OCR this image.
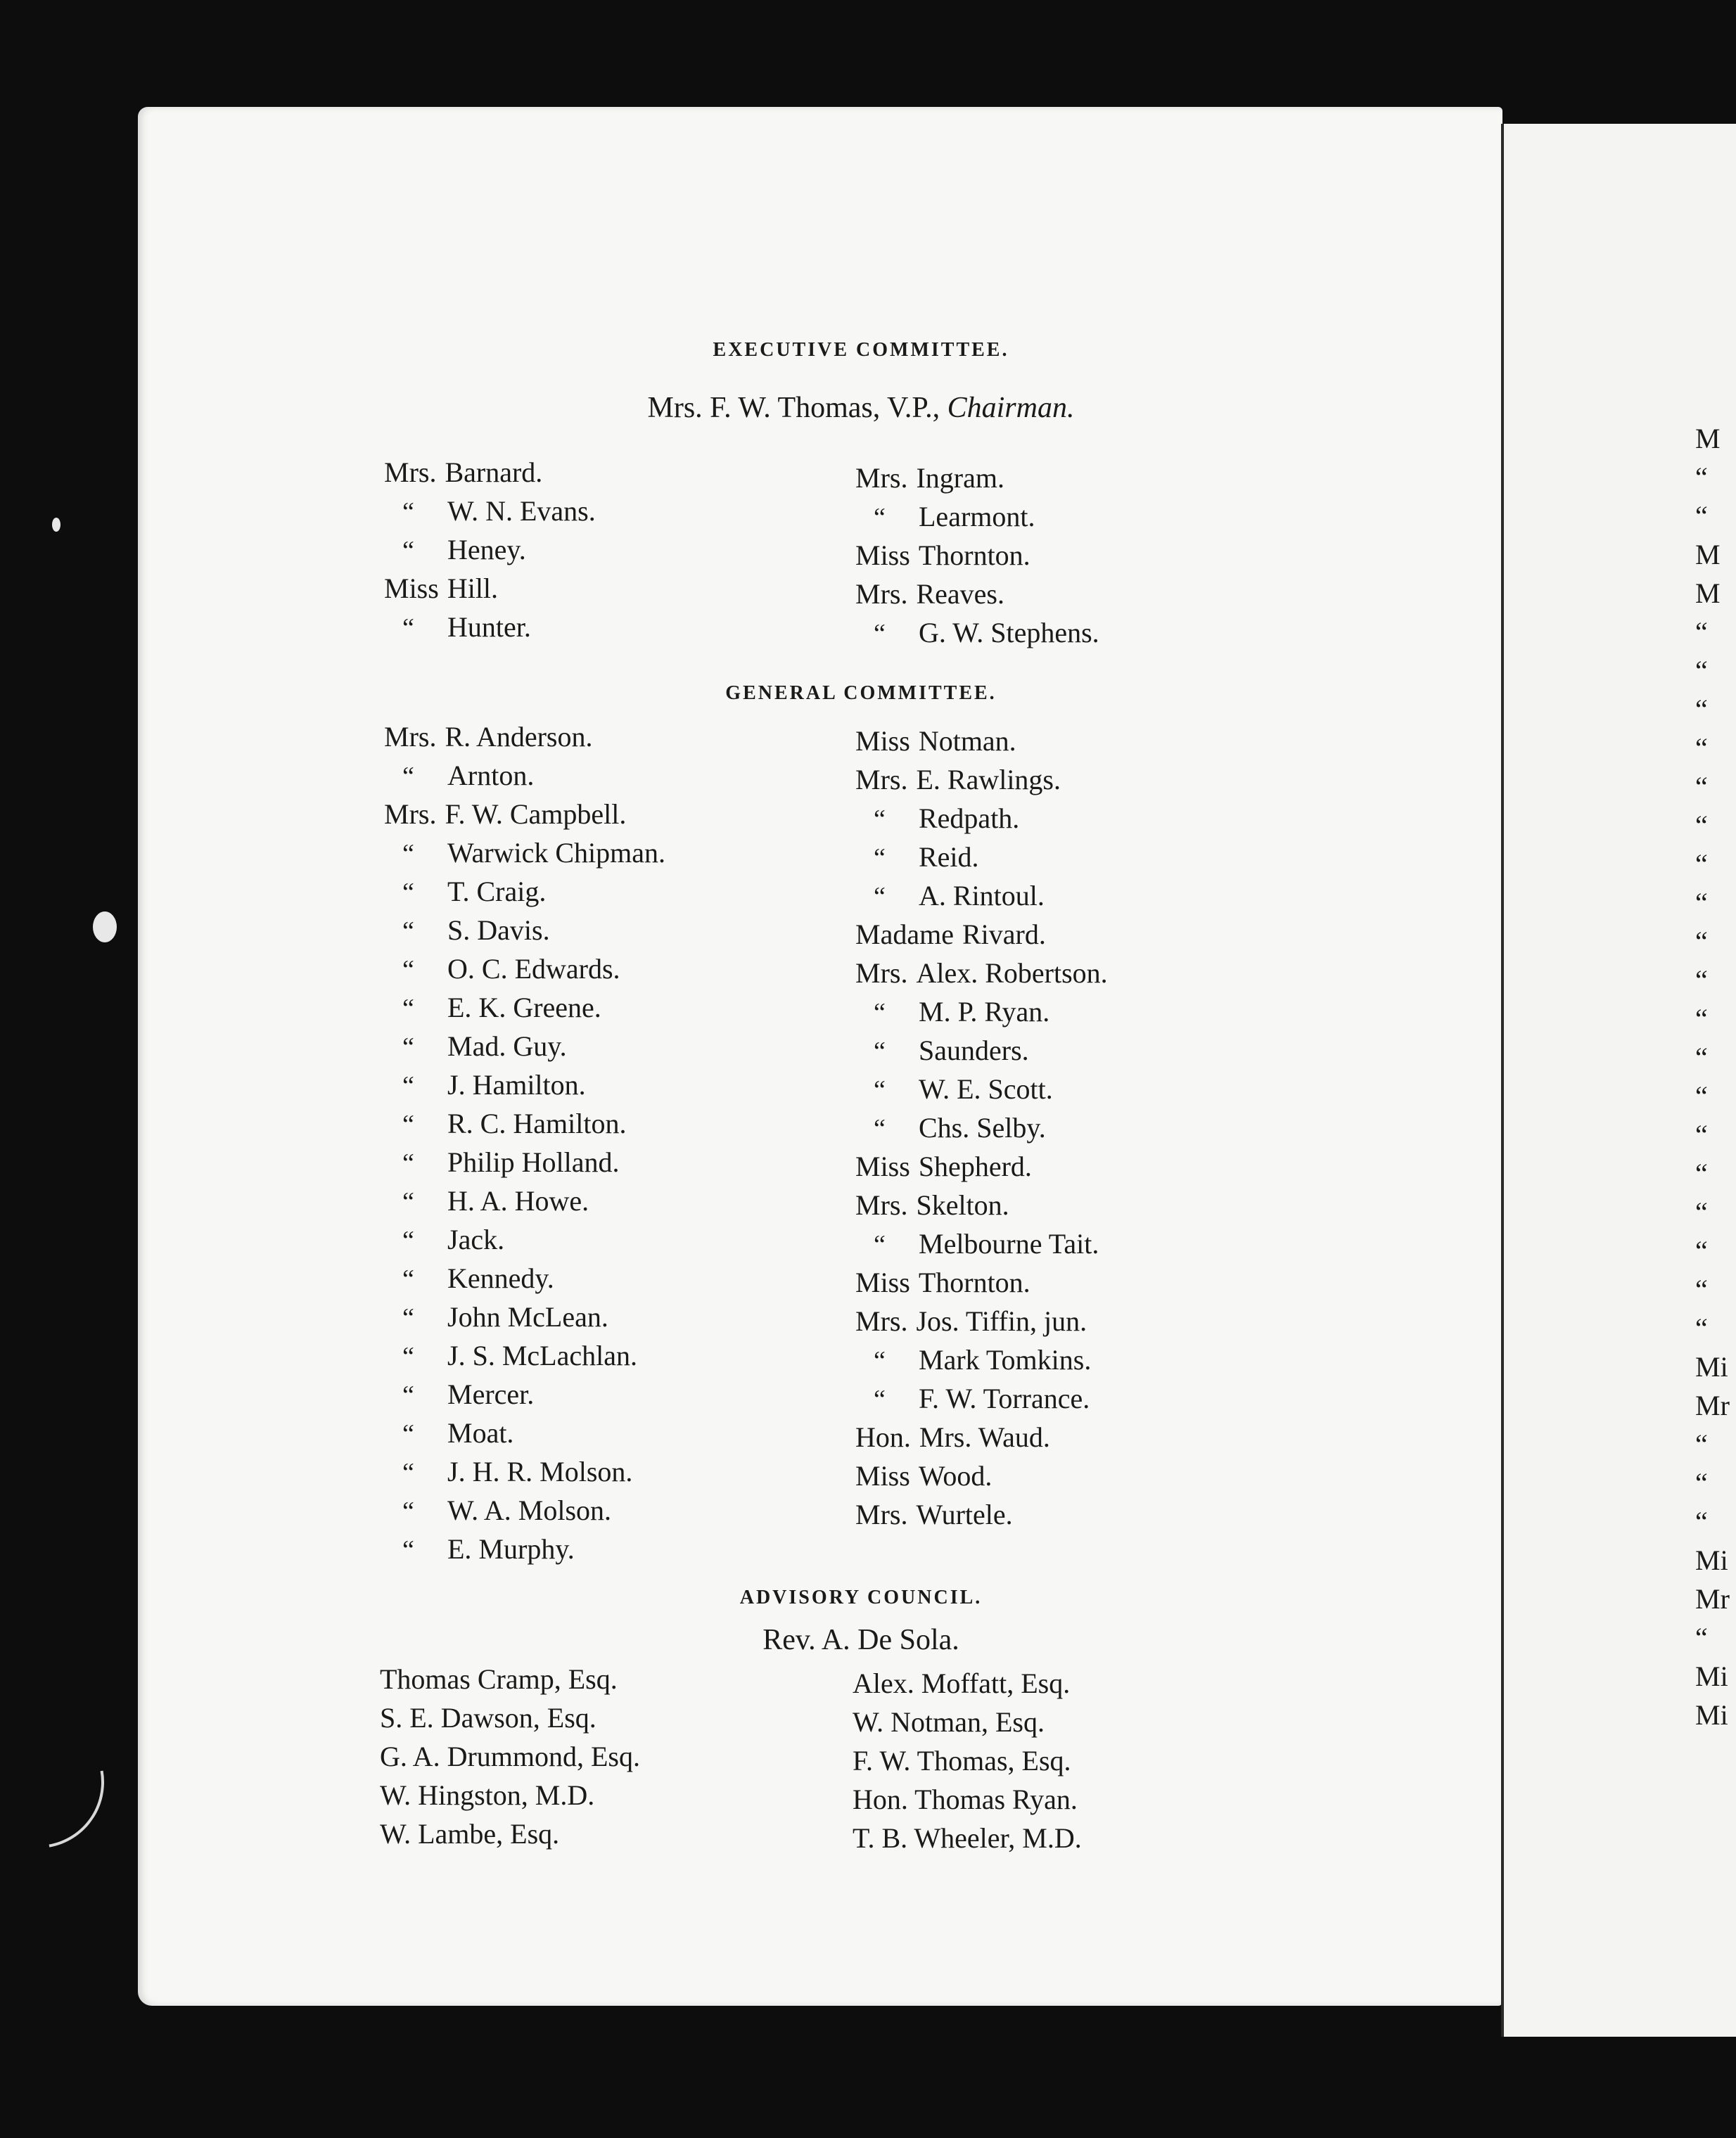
EXECUTIVE COMMITTEE.
Mrs. F. W. Thomas, V.P., Chairman.
Mrs. Barnard.
“ W. N. Evans.
“ Heney.
Miss Hill.
“ Hunter.
Mrs. Ingram.
“ Learmont.
Miss Thornton.
Mrs. Reaves.
“ G. W. Stephens.
GENERAL COMMITTEE.
Mrs. R. Anderson.
“ Arnton.
Mrs. F. W. Campbell.
“ Warwick Chipman.
“ T. Craig.
“ S. Davis.
“ O. C. Edwards.
“ E. K. Greene.
“ Mad. Guy.
“ J. Hamilton.
“ R. C. Hamilton.
“ Philip Holland.
“ H. A. Howe.
“ Jack.
“ Kennedy.
“ John McLean.
“ J. S. McLachlan.
“ Mercer.
“ Moat.
“ J. H. R. Molson.
“ W. A. Molson.
“ E. Murphy.
Miss Notman.
Mrs. E. Rawlings.
“ Redpath.
“ Reid.
“ A. Rintoul.
Madame Rivard.
Mrs. Alex. Robertson.
“ M. P. Ryan.
“ Saunders.
“ W. E. Scott.
“ Chs. Selby.
Miss Shepherd.
Mrs. Skelton.
“ Melbourne Tait.
Miss Thornton.
Mrs. Jos. Tiffin, jun.
“ Mark Tomkins.
“ F. W. Torrance.
Hon. Mrs. Waud.
Miss Wood.
Mrs. Wurtele.
ADVISORY COUNCIL.
Rev. A. De Sola.
Thomas Cramp, Esq.
S. E. Dawson, Esq.
G. A. Drummond, Esq.
W. Hingston, M.D.
W. Lambe, Esq.
Alex. Moffatt, Esq.
W. Notman, Esq.
F. W. Thomas, Esq.
Hon. Thomas Ryan.
T. B. Wheeler, M.D.
M
“
“
M
M
“
“
“
“
“
“
“
“
“
“
“
“
“
“
“
“
“
“
“
Mi
Mr
“
“
“
Mi
Mr
“
Mi
Mi
